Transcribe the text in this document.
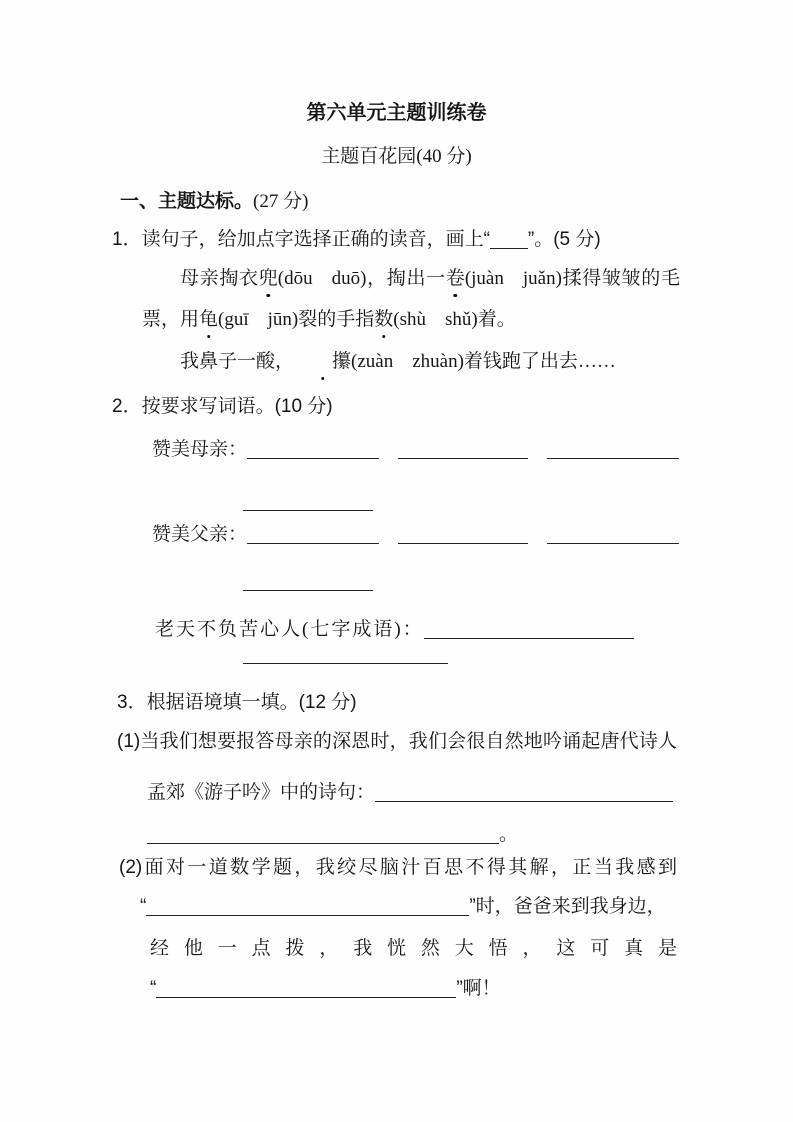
第六单元主题训练卷
主题百花园(40 分)
一、主题达标。(27 分)
1．读句子，给加点字选择正确的读音，画上“ ”。(5 分)
母亲掏衣兜(dōu  duō)，掏出一卷(juàn  juǎn)揉得皱皱的毛
票，用龟(guī  jūn)裂的手指数(shù  shǔ)着。
我鼻子一酸， 攥(zuàn  zhuàn)着钱跑了出去……
2．按要求写词语。(10 分)
赞美母亲：　　
赞美父亲：　　
老天不负苦心人(七字成语)：
3．根据语境填一填。(12 分)
(1)当我们想要报答母亲的深恩时，我们会很自然地吟诵起唐代诗人
孟郊《游子吟》中的诗句：
。
(2)面对一道数学题，我绞尽脑汁百思不得其解，正当我感到
“	”时，爸爸来到我身边，
经他一点拨，我恍然大悟，这可真是
“	”啊！
